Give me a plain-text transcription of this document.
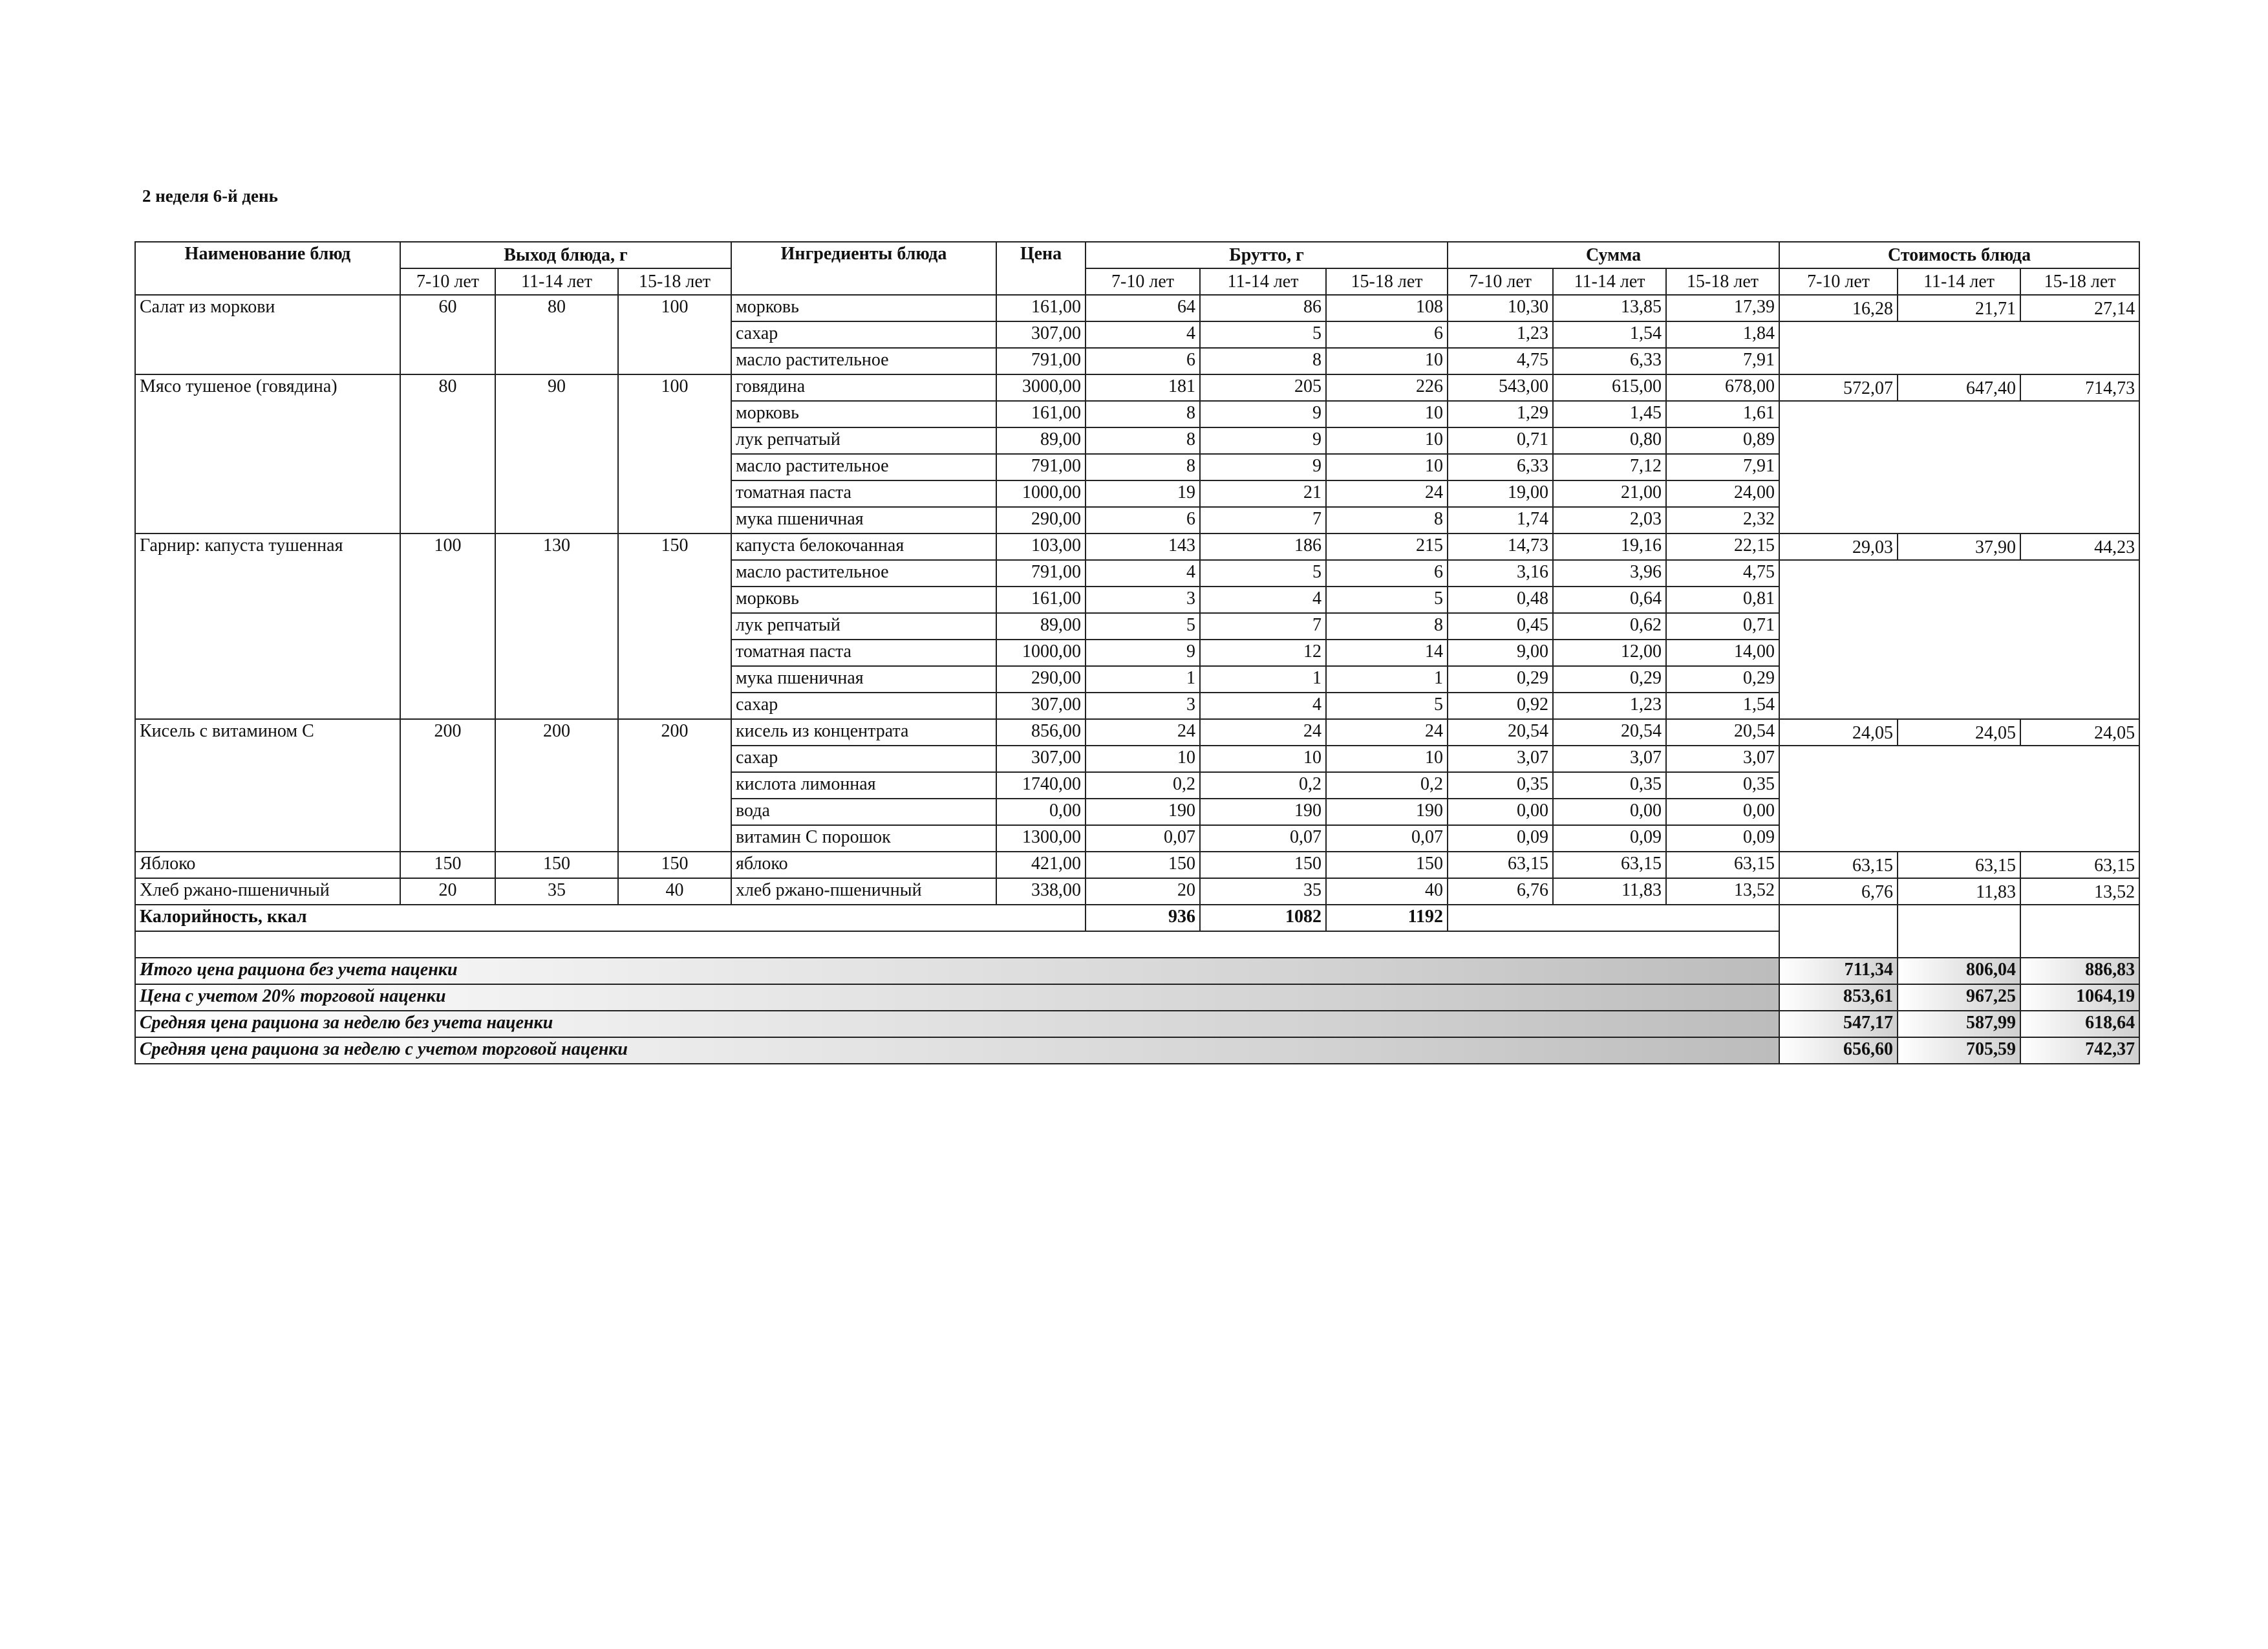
2 неделя 6-й день
Наименование блюд	Выход блюда, г			Ингредиенты блюда	Цена	Брутто, г			Сумма			Стоимость блюда		
	7-10 лет	11-14 лет	15-18 лет			7-10 лет	11-14 лет	15-18 лет	7-10 лет	11-14 лет	15-18 лет	7-10 лет	11-14 лет	15-18 лет
Салат из моркови	60	80	100	морковь	161,00	64	86	108	10,30	13,85	17,39	16,28	21,71	27,14
				сахар	307,00	4	5	6	1,23	1,54	1,84			
				масло растительное	791,00	6	8	10	4,75	6,33	7,91			
Мясо тушеное (говядина)	80	90	100	говядина	3000,00	181	205	226	543,00	615,00	678,00	572,07	647,40	714,73
				морковь	161,00	8	9	10	1,29	1,45	1,61			
				лук репчатый	89,00	8	9	10	0,71	0,80	0,89			
				масло растительное	791,00	8	9	10	6,33	7,12	7,91			
				томатная паста	1000,00	19	21	24	19,00	21,00	24,00			
				мука пшеничная	290,00	6	7	8	1,74	2,03	2,32			
Гарнир: капуста тушенная	100	130	150	капуста белокочанная	103,00	143	186	215	14,73	19,16	22,15	29,03	37,90	44,23
				масло растительное	791,00	4	5	6	3,16	3,96	4,75			
				морковь	161,00	3	4	5	0,48	0,64	0,81			
				лук репчатый	89,00	5	7	8	0,45	0,62	0,71			
				томатная паста	1000,00	9	12	14	9,00	12,00	14,00			
				мука пшеничная	290,00	1	1	1	0,29	0,29	0,29			
				сахар	307,00	3	4	5	0,92	1,23	1,54			
Кисель с витамином С	200	200	200	кисель из концентрата	856,00	24	24	24	20,54	20,54	20,54	24,05	24,05	24,05
				сахар	307,00	10	10	10	3,07	3,07	3,07			
				кислота лимонная	1740,00	0,2	0,2	0,2	0,35	0,35	0,35			
				вода	0,00	190	190	190	0,00	0,00	0,00			
				витамин С порошок	1300,00	0,07	0,07	0,07	0,09	0,09	0,09			
Яблоко	150	150	150	яблоко	421,00	150	150	150	63,15	63,15	63,15	63,15	63,15	63,15
Хлеб ржано-пшеничный	20	35	40	хлеб ржано-пшеничный	338,00	20	35	40	6,76	11,83	13,52	6,76	11,83	13,52
Калорийность, ккал						936	1082	1192						

Итого цена рациона без учета наценки												711,34	806,04	886,83
Цена с учетом 20% торговой наценки												853,61	967,25	1064,19
Средняя цена рациона за неделю без учета наценки												547,17	587,99	618,64
Средняя цена рациона за неделю с учетом торговой наценки												656,60	705,59	742,37
